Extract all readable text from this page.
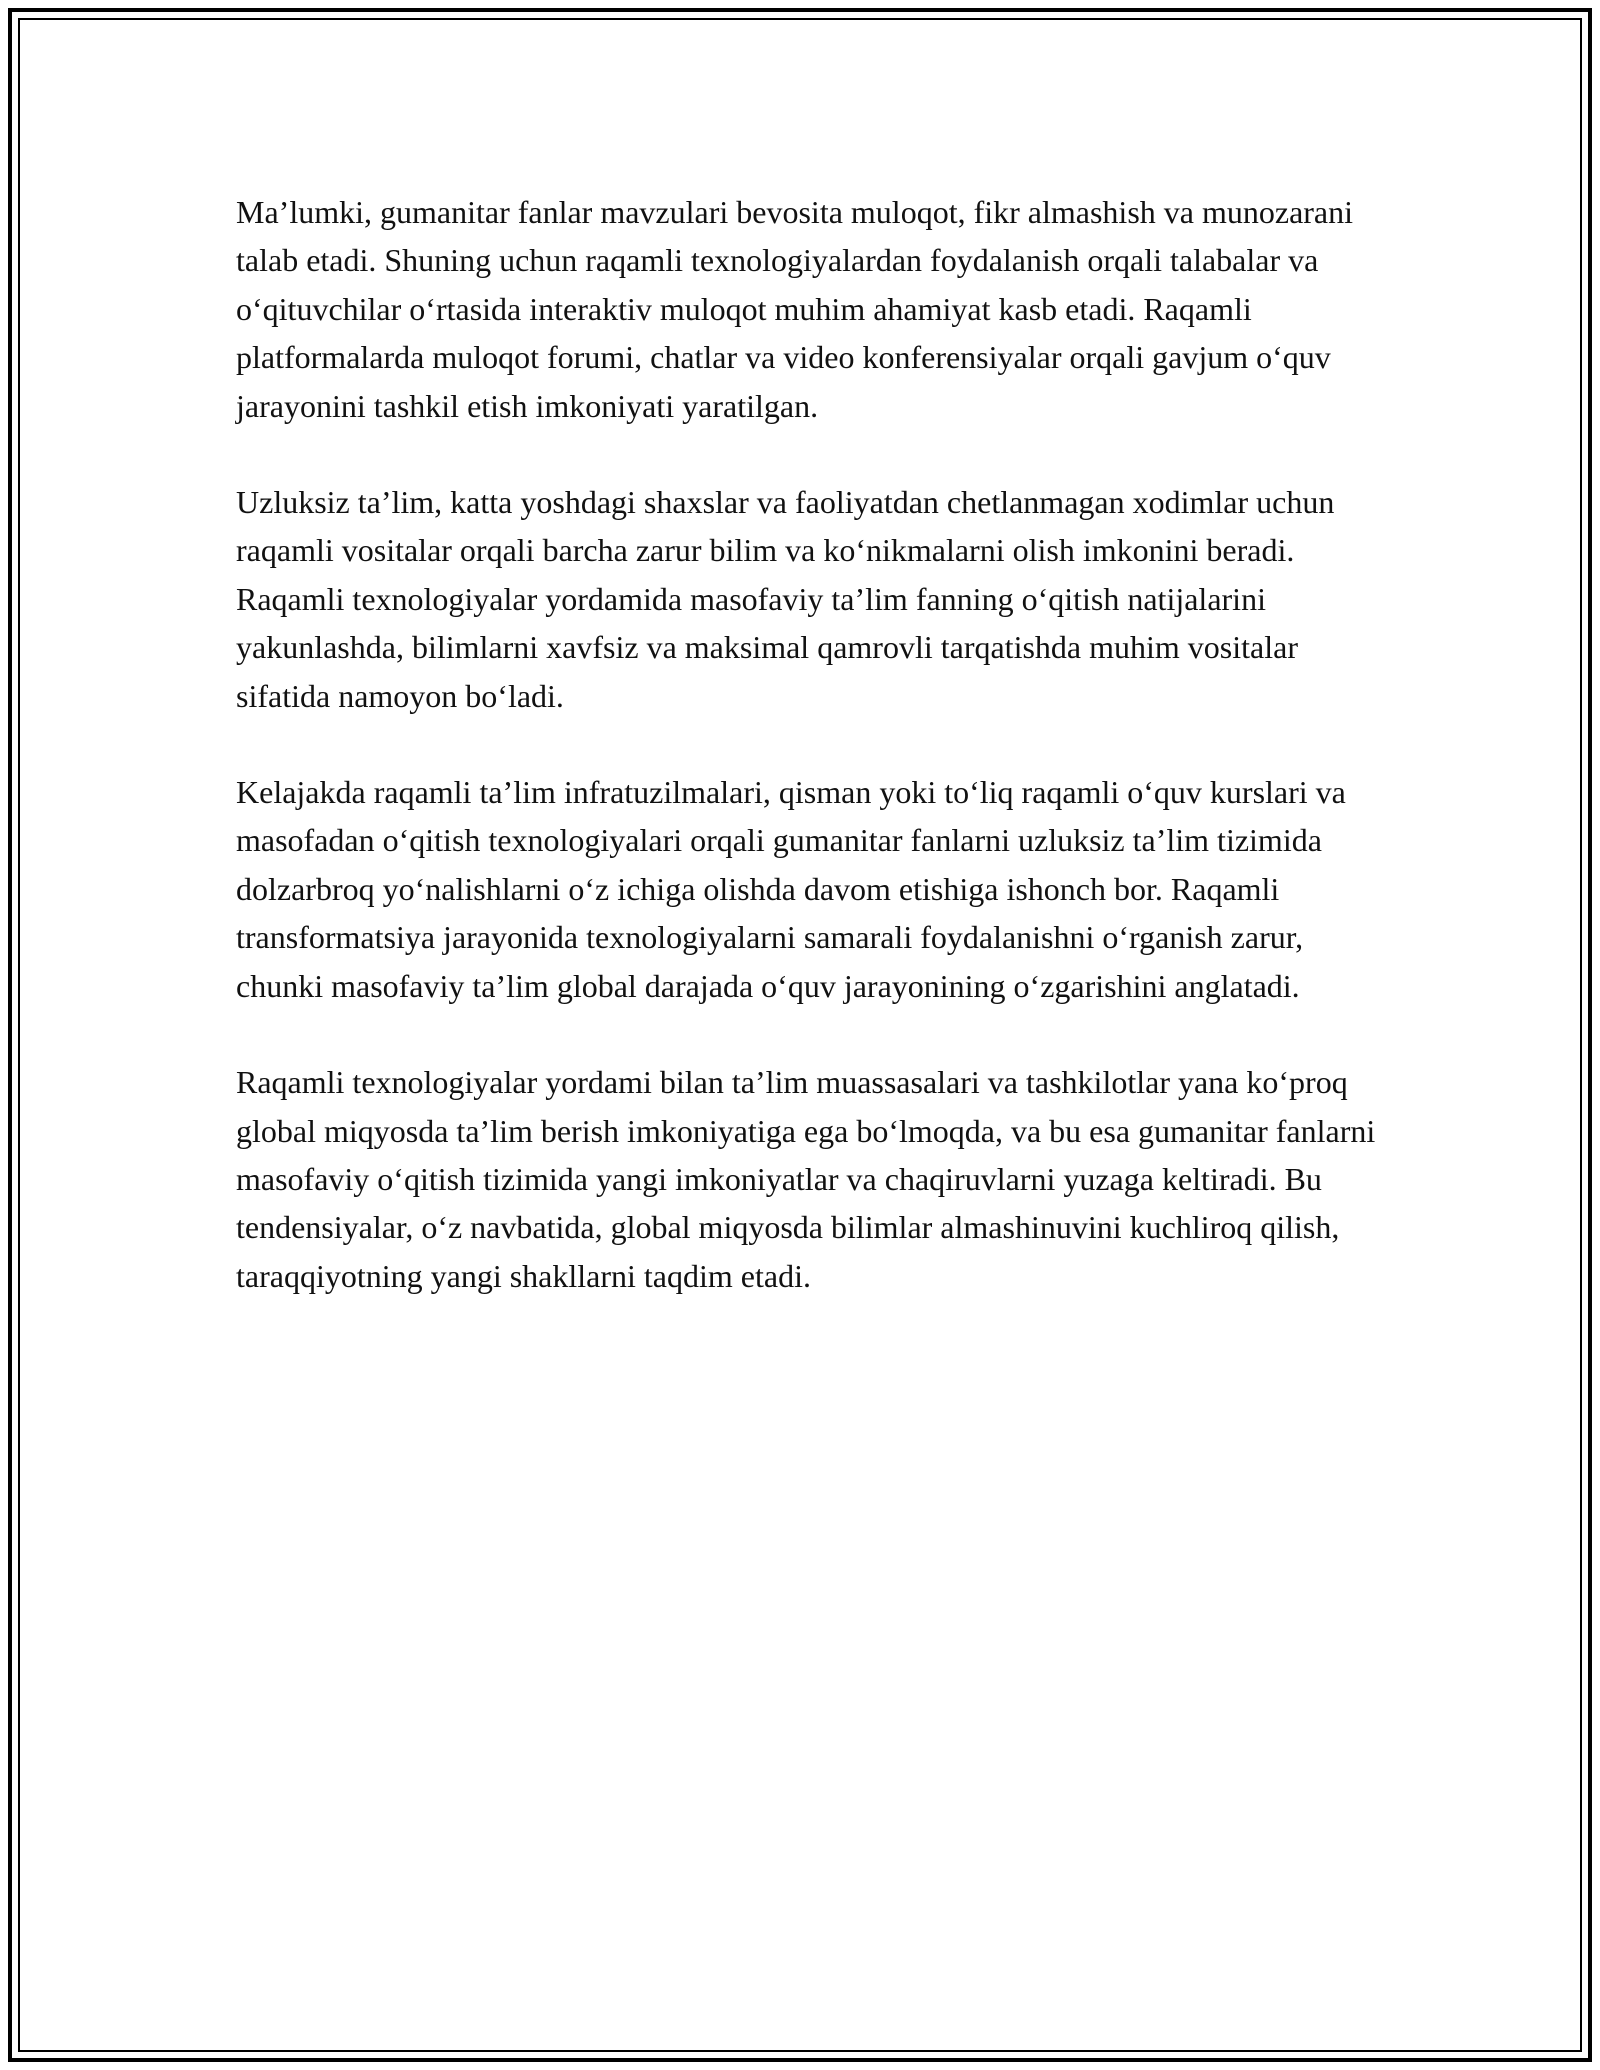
Ma’lumki, gumanitar fanlar mavzulari bevosita muloqot, fikr almashish va munozarani talab etadi. Shuning uchun raqamli texnologiyalardan foydalanish orqali talabalar va o‘qituvchilar o‘rtasida interaktiv muloqot muhim ahamiyat kasb etadi. Raqamli platformalarda muloqot forumi, chatlar va video konferensiyalar orqali gavjum o‘quv jarayonini tashkil etish imkoniyati yaratilgan.

Uzluksiz ta’lim, katta yoshdagi shaxslar va faoliyatdan chetlanmagan xodimlar uchun raqamli vositalar orqali barcha zarur bilim va ko‘nikmalarni olish imkonini beradi. Raqamli texnologiyalar yordamida masofaviy ta’lim fanning o‘qitish natijalarini yakunlashda, bilimlarni xavfsiz va maksimal qamrovli tarqatishda muhim vositalar sifatida namoyon bo‘ladi.

Kelajakda raqamli ta’lim infratuzilmalari, qisman yoki to‘liq raqamli o‘quv kurslari va masofadan o‘qitish texnologiyalari orqali gumanitar fanlarni uzluksiz ta’lim tizimida dolzarbroq yo‘nalishlarni o‘z ichiga olishda davom etishiga ishonch bor. Raqamli transformatsiya jarayonida texnologiyalarni samarali foydalanishni o‘rganish zarur, chunki masofaviy ta’lim global darajada o‘quv jarayonining o‘zgarishini anglatadi.

Raqamli texnologiyalar yordami bilan ta’lim muassasalari va tashkilotlar yana ko‘proq global miqyosda ta’lim berish imkoniyatiga ega bo‘lmoqda, va bu esa gumanitar fanlarni masofaviy o‘qitish tizimida yangi imkoniyatlar va chaqiruvlarni yuzaga keltiradi. Bu tendensiyalar, o‘z navbatida, global miqyosda bilimlar almashinuvini kuchliroq qilish, taraqqiyotning yangi shakllarni taqdim etadi.
